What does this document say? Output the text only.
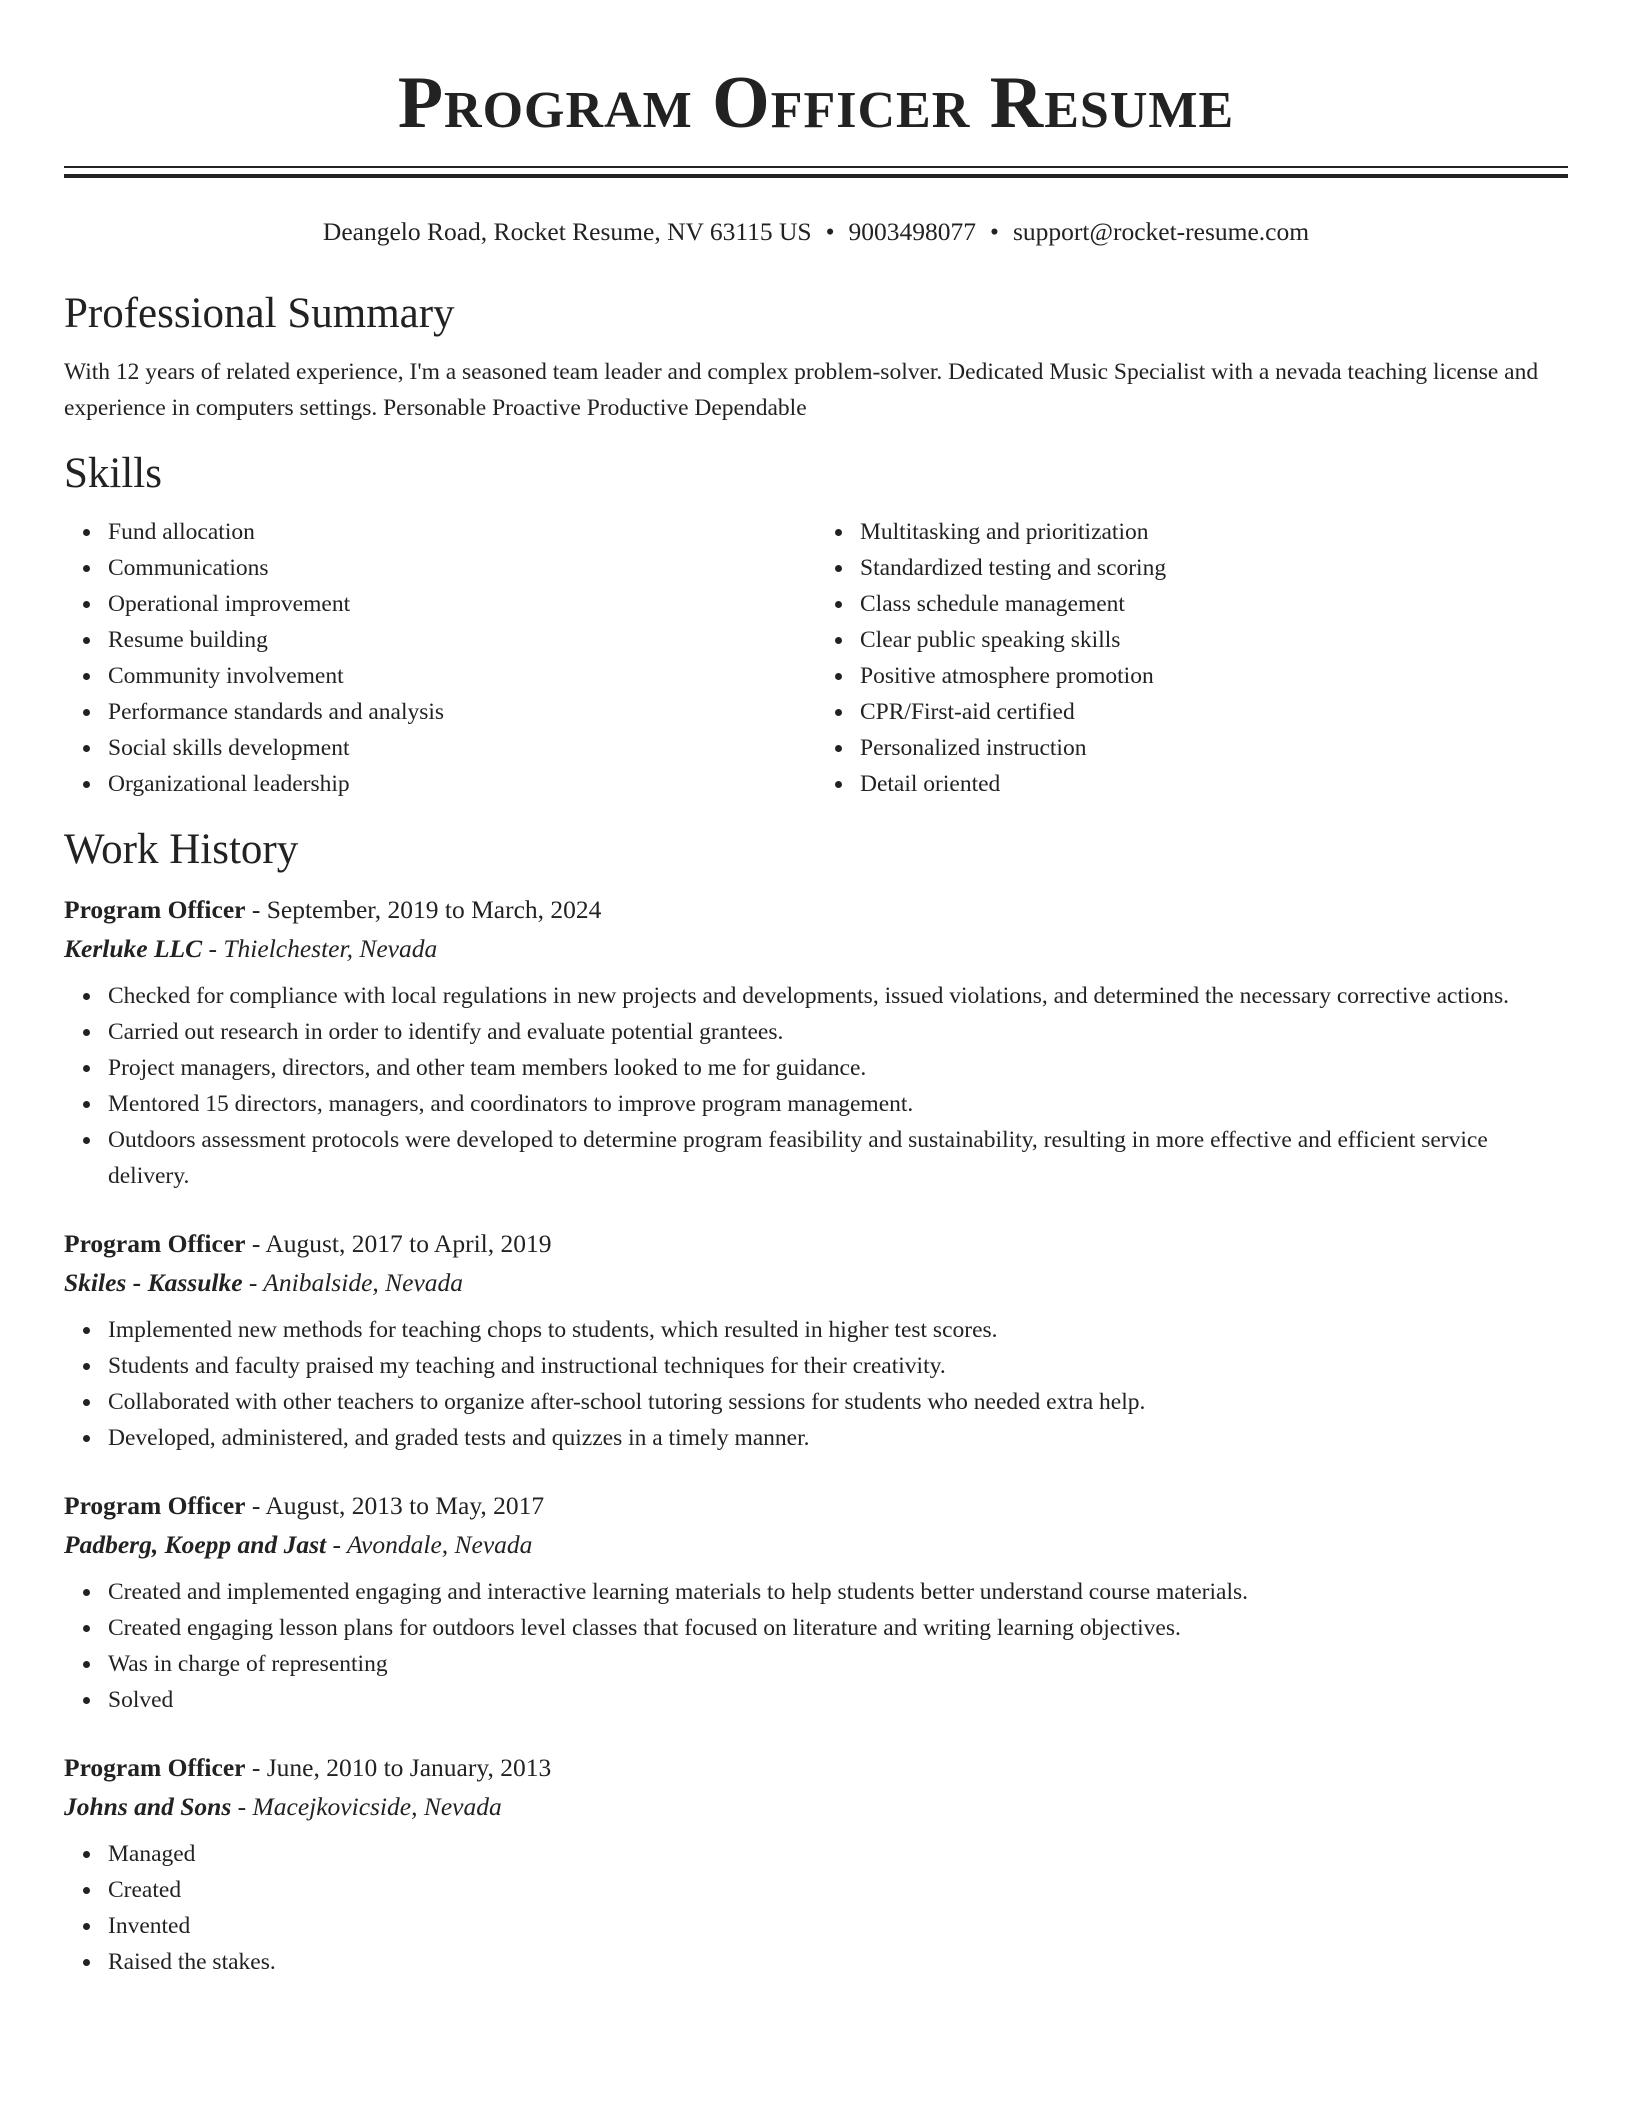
Program Officer Resume
Deangelo Road, Rocket Resume, NV 63115 US • 9003498077 • support@rocket-resume.com
Professional Summary

With 12 years of related experience, I'm a seasoned team leader and complex problem-solver. Dedicated Music Specialist with a nevada teaching license and experience in computers settings. Personable Proactive Productive Dependable

Skills
Fund allocation
Communications
Operational improvement
Resume building
Community involvement
Performance standards and analysis
Social skills development
Organizational leadership
Multitasking and prioritization
Standardized testing and scoring
Class schedule management
Clear public speaking skills
Positive atmosphere promotion
CPR/First-aid certified
Personalized instruction
Detail oriented
Work History

Program Officer - September, 2019 to March, 2024

Kerluke LLC - Thielchester, Nevada

Checked for compliance with local regulations in new projects and developments, issued violations, and determined the necessary corrective actions.
Carried out research in order to identify and evaluate potential grantees.
Project managers, directors, and other team members looked to me for guidance.
Mentored 15 directors, managers, and coordinators to improve program management.
Outdoors assessment protocols were developed to determine program feasibility and sustainability, resulting in more effective and efficient service delivery.

Program Officer - August, 2017 to April, 2019

Skiles - Kassulke - Anibalside, Nevada

Implemented new methods for teaching chops to students, which resulted in higher test scores.
Students and faculty praised my teaching and instructional techniques for their creativity.
Collaborated with other teachers to organize after-school tutoring sessions for students who needed extra help.
Developed, administered, and graded tests and quizzes in a timely manner.

Program Officer - August, 2013 to May, 2017

Padberg, Koepp and Jast - Avondale, Nevada

Created and implemented engaging and interactive learning materials to help students better understand course materials.
Created engaging lesson plans for outdoors level classes that focused on literature and writing learning objectives.
Was in charge of representing
Solved

Program Officer - June, 2010 to January, 2013

Johns and Sons - Macejkovicside, Nevada

Managed
Created
Invented
Raised the stakes.
